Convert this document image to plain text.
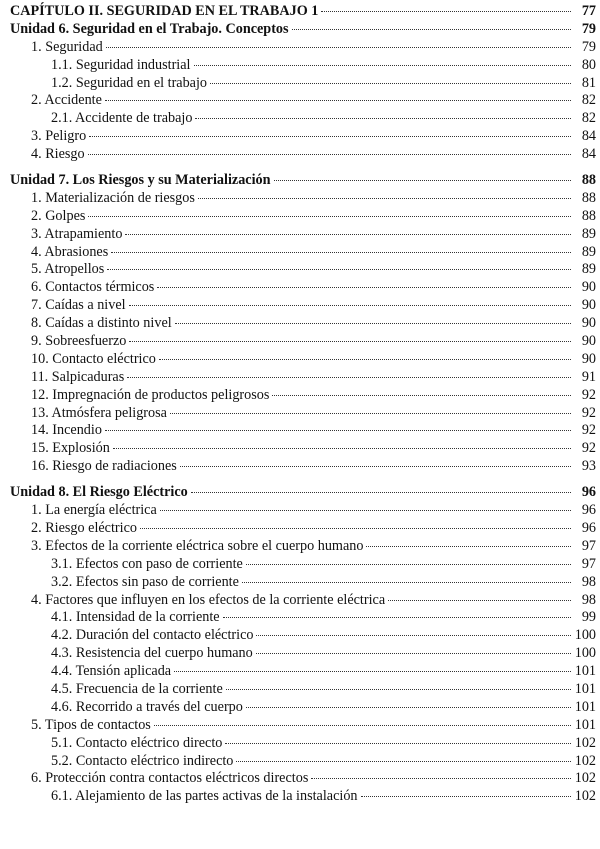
CAPÍTULO II. SEGURIDAD EN EL TRABAJO 1	77
Unidad 6. Seguridad en el Trabajo. Conceptos	79
1. Seguridad	79
1.1. Seguridad industrial	80
1.2. Seguridad en el trabajo	81
2. Accidente	82
2.1. Accidente de trabajo	82
3. Peligro	84
4. Riesgo	84
Unidad 7. Los Riesgos y su Materialización	88
1. Materialización de riesgos	88
2. Golpes	88
3. Atrapamiento	89
4. Abrasiones	89
5. Atropellos	89
6. Contactos térmicos	90
7. Caídas a nivel	90
8. Caídas a distinto nivel	90
9. Sobreesfuerzo	90
10. Contacto eléctrico	90
11. Salpicaduras	91
12. Impregnación de productos peligrosos	92
13. Atmósfera peligrosa	92
14. Incendio	92
15. Explosión	92
16. Riesgo de radiaciones	93
Unidad 8. El Riesgo Eléctrico	96
1. La energía eléctrica	96
2. Riesgo eléctrico	96
3. Efectos de la corriente eléctrica sobre el cuerpo humano	97
3.1. Efectos con paso de corriente	97
3.2. Efectos sin paso de corriente	98
4. Factores que influyen en los efectos de la corriente eléctrica	98
4.1. Intensidad de la corriente	99
4.2. Duración del contacto eléctrico	100
4.3. Resistencia del cuerpo humano	100
4.4. Tensión aplicada	101
4.5. Frecuencia de la corriente	101
4.6. Recorrido a través del cuerpo	101
5. Tipos de contactos	101
5.1. Contacto eléctrico directo	102
5.2. Contacto eléctrico indirecto	102
6. Protección contra contactos eléctricos directos	102
6.1. Alejamiento de las partes activas de la instalación	102
